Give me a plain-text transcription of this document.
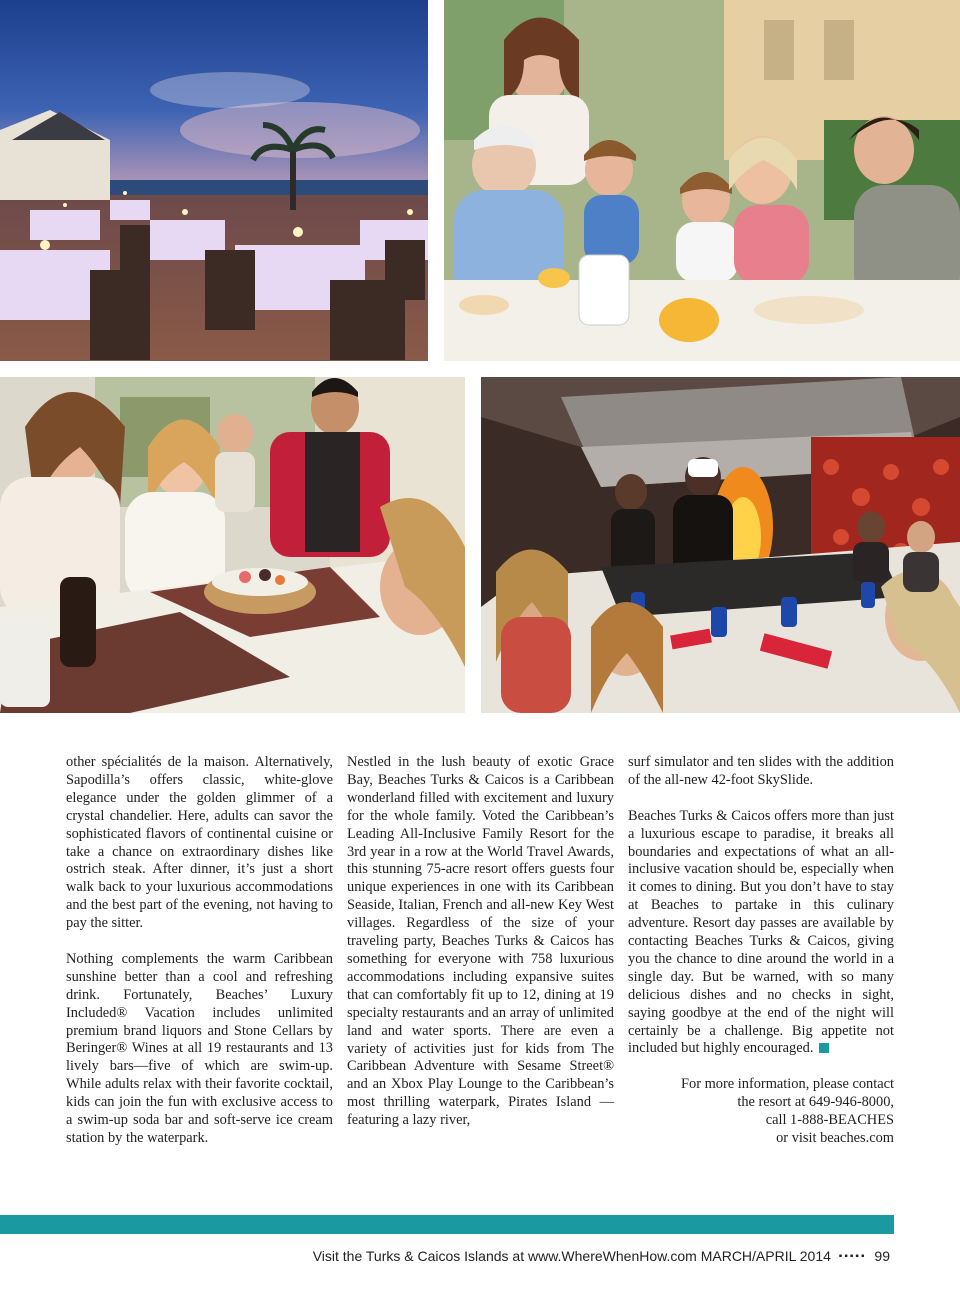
other spécialités de la maison. Alternatively, Sapodilla’s offers classic, white-glove elegance under the golden glimmer of a crystal chandelier. Here, adults can savor the sophisticated flavors of continental cuisine or take a chance on extraordinary dishes like ostrich steak. After dinner, it’s just a short walk back to your luxurious accommodations and the best part of the evening, not having to pay the sitter.

Nothing complements the warm Caribbean sunshine better than a cool and refreshing drink. Fortunately, Beaches’ Luxury Included® Vacation includes unlimited premium brand liquors and Stone Cellars by Beringer® Wines at all 19 restaurants and 13 lively bars—five of which are swim-up. While adults relax with their favorite cocktail, kids can join the fun with exclusive access to a swim-up soda bar and soft-serve ice cream station by the waterpark.

Nestled in the lush beauty of exotic Grace Bay, Beaches Turks & Caicos is a Caribbean wonderland filled with excitement and luxury for the whole family. Voted the Caribbean’s Leading All-Inclusive Family Resort for the 3rd year in a row at the World Travel Awards, this stunning 75-acre resort offers guests four unique experiences in one with its Caribbean Seaside, Italian, French and all-new Key West villages. Regardless of the size of your traveling party, Beaches Turks & Caicos has something for everyone with 758 luxurious accommodations including expansive suites that can comfortably fit up to 12, dining at 19 specialty restaurants and an array of unlimited land and water sports. There are even a variety of activities just for kids from The Caribbean Adventure with Sesame Street® and an Xbox Play Lounge to the Caribbean’s most thrilling waterpark, Pirates Island — featuring a lazy river,

surf simulator and ten slides with the addition of the all-new 42-foot SkySlide.

Beaches Turks & Caicos offers more than just a luxurious escape to paradise, it breaks all boundaries and expectations of what an all-inclusive vacation should be, especially when it comes to dining. But you don’t have to stay at Beaches to partake in this culinary adventure. Resort day passes are available by contacting Beaches Turks & Caicos, giving you the chance to dine around the world in a single day. But be warned, with so many delicious dishes and no checks in sight, saying goodbye at the end of the night will certainly be a challenge. Big appetite not included but highly encouraged.

For more information, please contact
the resort at 649-946-8000,
call 1-888-BEACHES
or visit beaches.com
Visit the Turks & Caicos Islands at www.WhereWhenHow.com MARCH/APRIL 2014 ▪▪▪▪▪ 99
